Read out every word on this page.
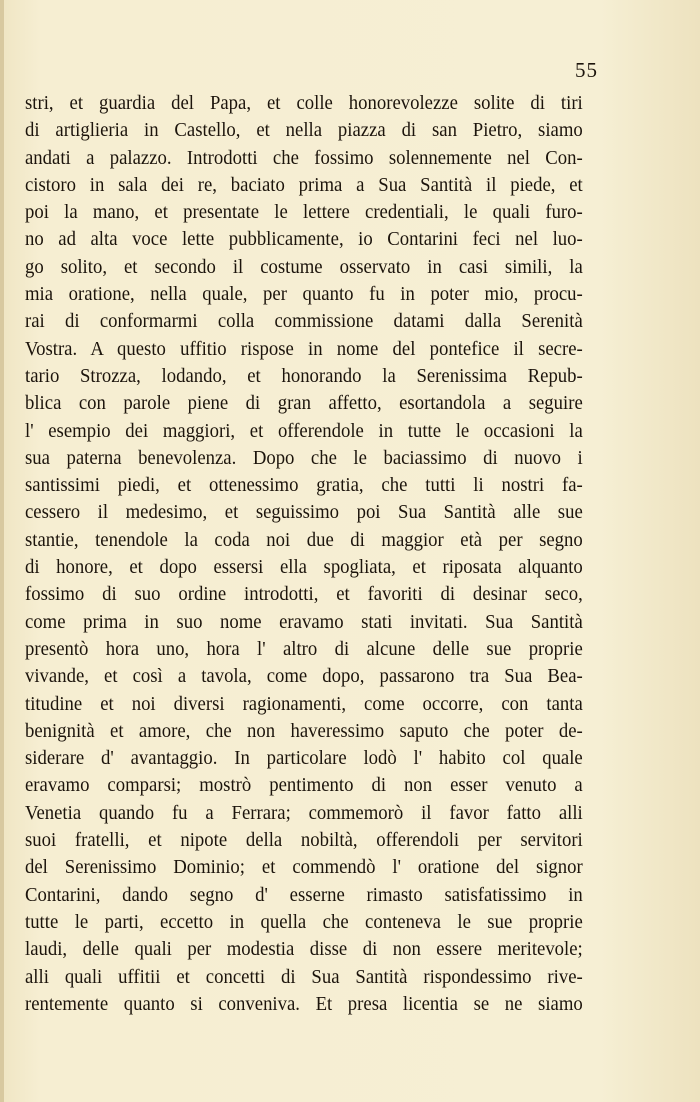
55
stri, et guardia del Papa, et colle honorevolezze solite di tiri
di artiglieria in Castello, et nella piazza di san Pietro, siamo
andati a palazzo. Introdotti che fossimo solennemente nel Con-
cistoro in sala dei re, baciato prima a Sua Santità il piede, et
poi la mano, et presentate le lettere credentiali, le quali furo-
no ad alta voce lette pubblicamente, io Contarini feci nel luo-
go solito, et secondo il costume osservato in casi simili, la
mia oratione, nella quale, per quanto fu in poter mio, procu-
rai di conformarmi colla commissione datami dalla Serenità
Vostra. A questo uffitio rispose in nome del pontefice il secre-
tario Strozza, lodando, et honorando la Serenissima Repub-
blica con parole piene di gran affetto, esortandola a seguire
l' esempio dei maggiori, et offerendole in tutte le occasioni la
sua paterna benevolenza. Dopo che le baciassimo di nuovo i
santissimi piedi, et ottenessimo gratia, che tutti li nostri fa-
cessero il medesimo, et seguissimo poi Sua Santità alle sue
stantie, tenendole la coda noi due di maggior età per segno
di honore, et dopo essersi ella spogliata, et riposata alquanto
fossimo di suo ordine introdotti, et favoriti di desinar seco,
come prima in suo nome eravamo stati invitati. Sua Santità
presentò hora uno, hora l' altro di alcune delle sue proprie
vivande, et così a tavola, come dopo, passarono tra Sua Bea-
titudine et noi diversi ragionamenti, come occorre, con tanta
benignità et amore, che non haveressimo saputo che poter de-
siderare d' avantaggio. In particolare lodò l' habito col quale
eravamo comparsi; mostrò pentimento di non esser venuto a
Venetia quando fu a Ferrara; commemorò il favor fatto alli
suoi fratelli, et nipote della nobiltà, offerendoli per servitori
del Serenissimo Dominio; et commendò l' oratione del signor
Contarini, dando segno d' esserne rimasto satisfatissimo in
tutte le parti, eccetto in quella che conteneva le sue proprie
laudi, delle quali per modestia disse di non essere meritevole;
alli quali uffitii et concetti di Sua Santità rispondessimo rive-
rentemente quanto si conveniva. Et presa licentia se ne siamo
